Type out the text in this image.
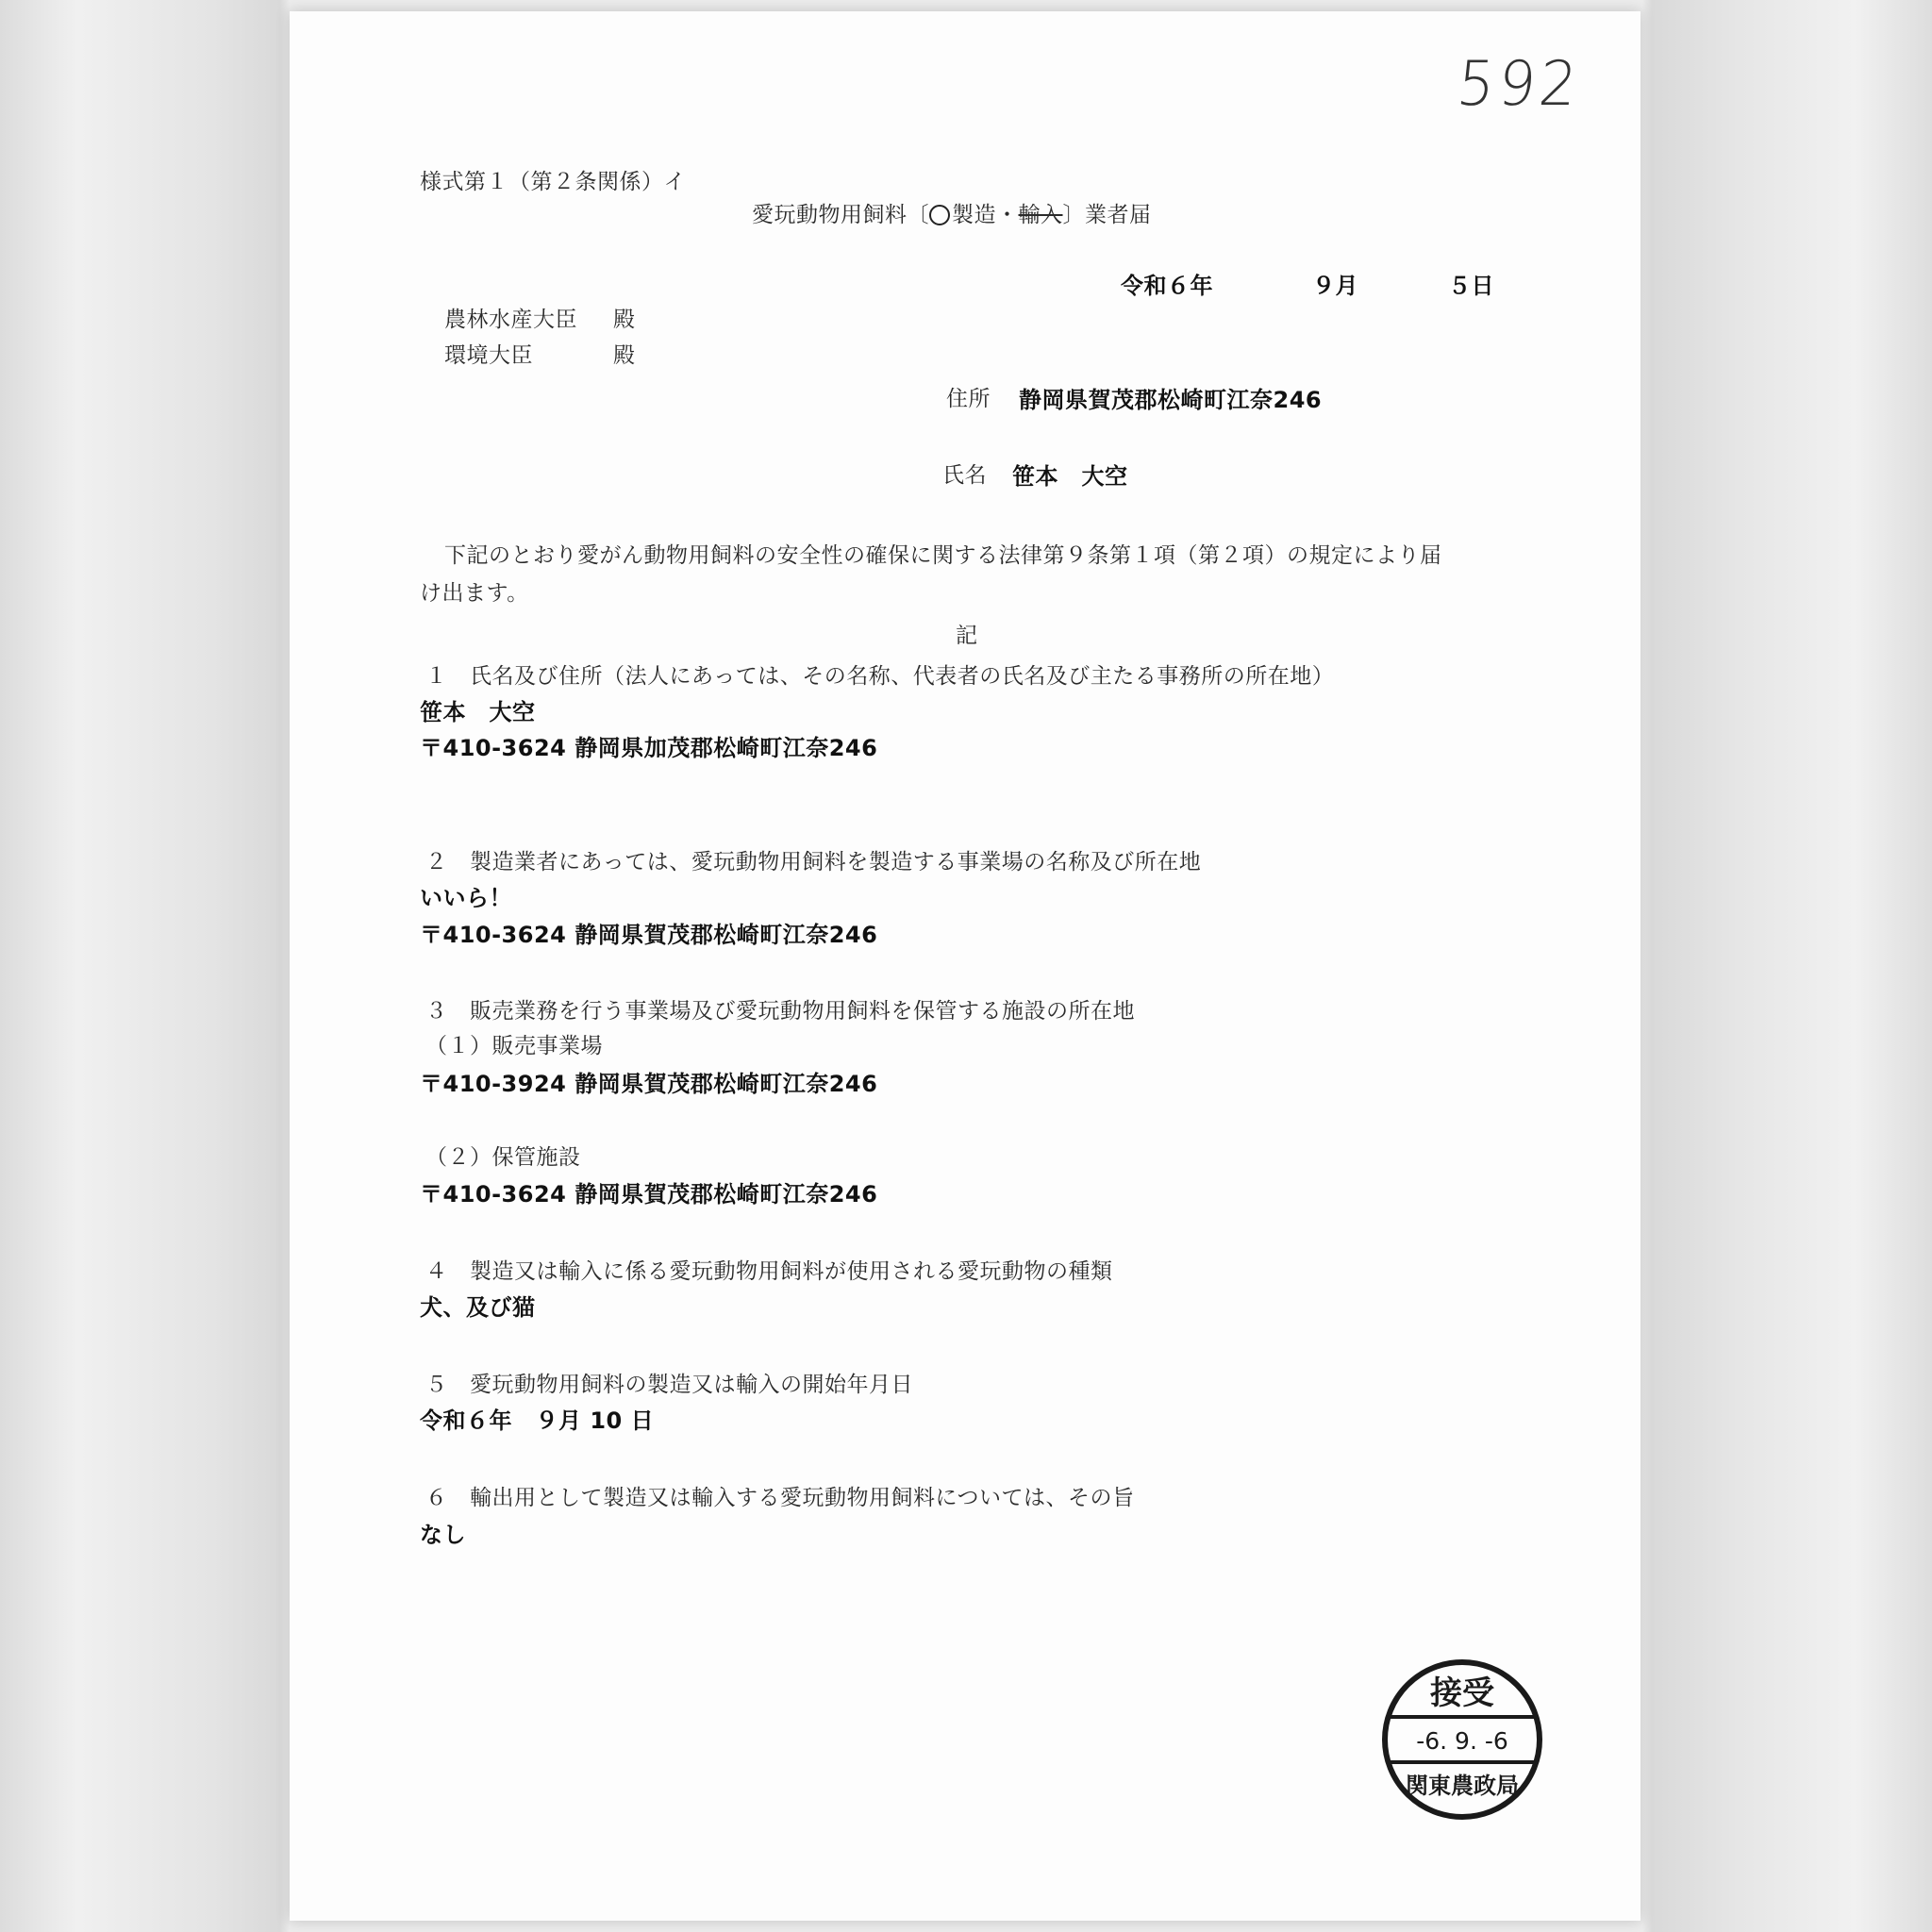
592
様式第１（第２条関係）イ
愛玩動物用飼料〔 製造・輸入〕業者届
令和６年	９月	５日
農林水産大臣 殿
環境大臣	殿
住所 静岡県賀茂郡松崎町江奈246
氏名 笹本　大空
下記のとおり愛がん動物用飼料の安全性の確保に関する法律第９条第１項（第２項）の規定により届
け出ます。
記
１　氏名及び住所（法人にあっては、その名称、代表者の氏名及び主たる事務所の所在地）
笹本　大空
〒410-3624 静岡県加茂郡松崎町江奈246
２　製造業者にあっては、愛玩動物用飼料を製造する事業場の名称及び所在地
いいら！
〒410-3624 静岡県賀茂郡松崎町江奈246
３　販売業務を行う事業場及び愛玩動物用飼料を保管する施設の所在地
（１）販売事業場
〒410-3924 静岡県賀茂郡松崎町江奈246
（２）保管施設
〒410-3624 静岡県賀茂郡松崎町江奈246
４　製造又は輸入に係る愛玩動物用飼料が使用される愛玩動物の種類
犬、及び猫
５　愛玩動物用飼料の製造又は輸入の開始年月日
令和６年　９月 10 日
６　輸出用として製造又は輸入する愛玩動物用飼料については、その旨
なし
接受
-6. 9. -6
関東農政局
